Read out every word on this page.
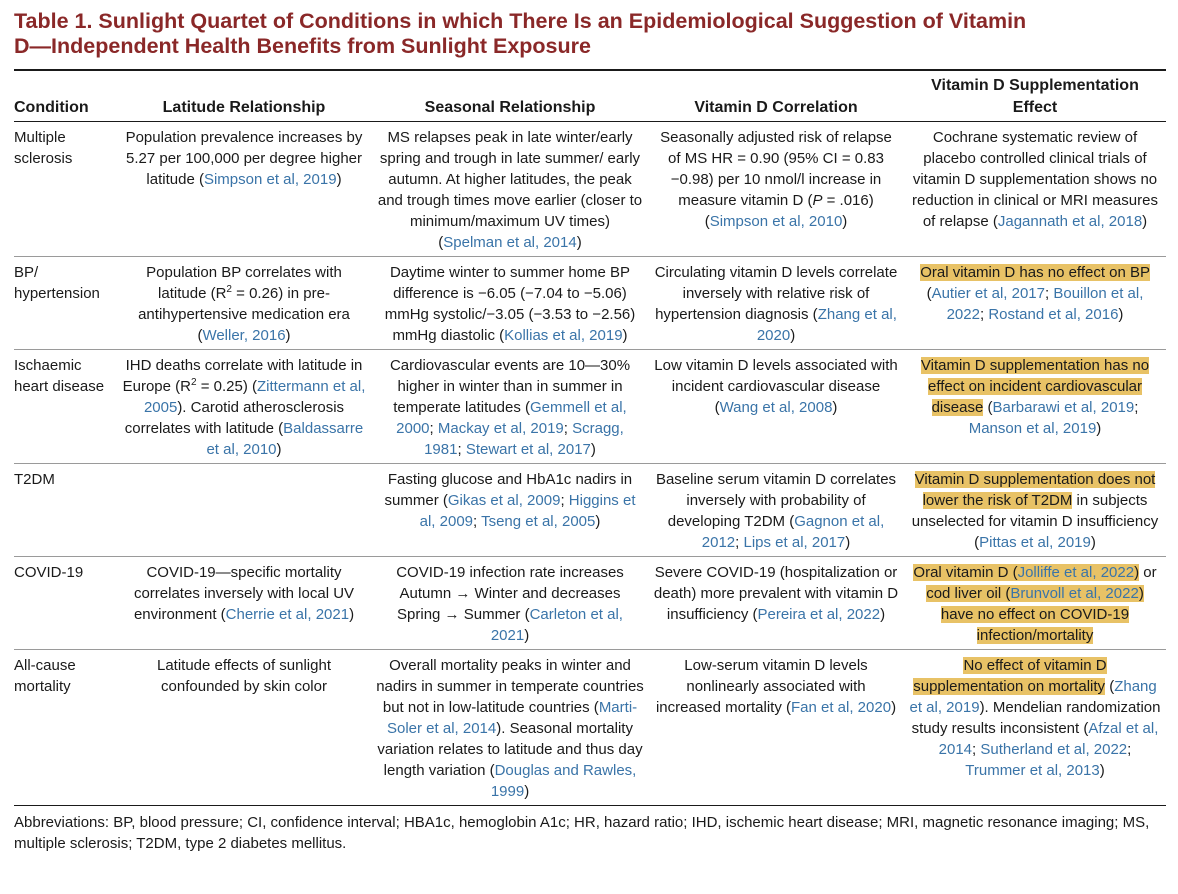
Table 1. Sunlight Quartet of Conditions in which There Is an Epidemiological Suggestion of Vitamin D—Independent Health Benefits from Sunlight Exposure
Condition	Latitude Relationship	Seasonal Relationship	Vitamin D Correlation	Vitamin D Supplementation Effect
Multiple sclerosis	Population prevalence increases by 5.27 per 100,000 per degree higher latitude (Simpson et al, 2019)	MS relapses peak in late winter/early spring and trough in late summer/ early autumn. At higher latitudes, the peak and trough times move earlier (closer to minimum/maximum UV times) (Spelman et al, 2014)	Seasonally adjusted risk of relapse of MS HR = 0.90 (95% CI = 0.83 −0.98) per 10 nmol/l increase in measure vitamin D (P = .016) (Simpson et al, 2010)	Cochrane systematic review of placebo controlled clinical trials of vitamin D supplementation shows no reduction in clinical or MRI measures of relapse (Jagannath et al, 2018)
BP/ hypertension	Population BP correlates with latitude $(R^2 = 0.26)$ in pre-antihypertensive medication era (Weller, 2016)	Daytime winter to summer home BP difference is −6.05 (−7.04 to −5.06) mmHg systolic/−3.05 (−3.53 to −2.56) mmHg diastolic (Kollias et al, 2019)	Circulating vitamin D levels correlate inversely with relative risk of hypertension diagnosis (Zhang et al, 2020)	Oral vitamin D has no effect on BP (Autier et al, 2017; Bouillon et al, 2022; Rostand et al, 2016)
Ischaemic heart disease	IHD deaths correlate with latitude in Europe $(R^2 = 0.25)$ (Zittermann et al, 2005). Carotid atherosclerosis correlates with latitude (Baldassarre et al, 2010)	Cardiovascular events are 10—30% higher in winter than in summer in temperate latitudes (Gemmell et al, 2000; Mackay et al, 2019; Scragg, 1981; Stewart et al, 2017)	Low vitamin D levels associated with incident cardiovascular disease (Wang et al, 2008)	Vitamin D supplementation has no effect on incident cardiovascular disease (Barbarawi et al, 2019; Manson et al, 2019)
T2DM		Fasting glucose and HbA1c nadirs in summer (Gikas et al, 2009; Higgins et al, 2009; Tseng et al, 2005)	Baseline serum vitamin D correlates inversely with probability of developing T2DM (Gagnon et al, 2012; Lips et al, 2017)	Vitamin D supplementation does not lower the risk of T2DM in subjects unselected for vitamin D insufficiency (Pittas et al, 2019)
COVID-19	COVID-19—specific mortality correlates inversely with local UV environment (Cherrie et al, 2021)	COVID-19 infection rate increases Autumn → Winter and decreases Spring → Summer (Carleton et al, 2021)	Severe COVID-19 (hospitalization or death) more prevalent with vitamin D insufficiency (Pereira et al, 2022)	Oral vitamin D (Jolliffe et al, 2022) or cod liver oil (Brunvoll et al, 2022) have no effect on COVID-19 infection/mortality
All-cause mortality	Latitude effects of sunlight confounded by skin color	Overall mortality peaks in winter and nadirs in summer in temperate countries but not in low-latitude countries (Marti-Soler et al, 2014). Seasonal mortality variation relates to latitude and thus day length variation (Douglas and Rawles, 1999)	Low-serum vitamin D levels nonlinearly associated with increased mortality (Fan et al, 2020)	No effect of vitamin D supplementation on mortality (Zhang et al, 2019). Mendelian randomization study results inconsistent (Afzal et al, 2014; Sutherland et al, 2022; Trummer et al, 2013)

Abbreviations: BP, blood pressure; CI, confidence interval; HBA1c, hemoglobin A1c; HR, hazard ratio; IHD, ischemic heart disease; MRI, magnetic resonance imaging; MS, multiple sclerosis; T2DM, type 2 diabetes mellitus.
